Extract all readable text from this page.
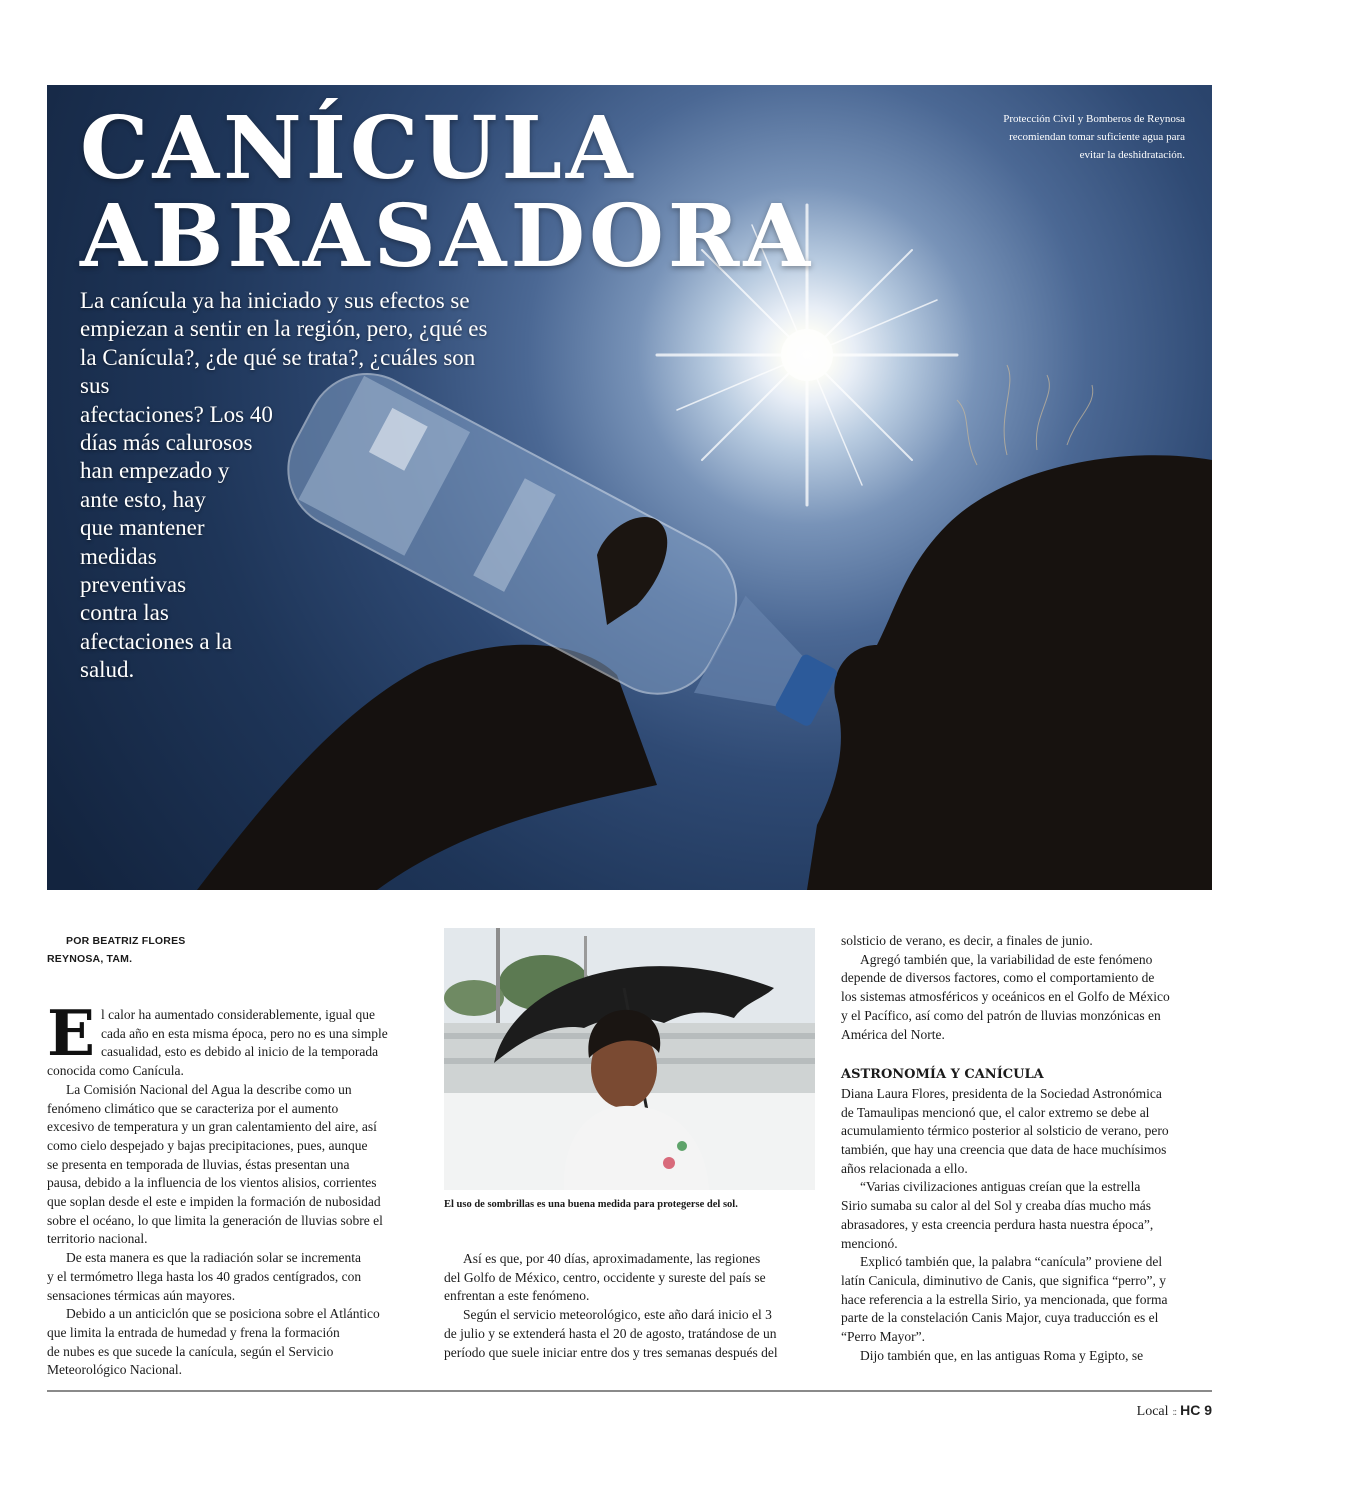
CANÍCULA
ABRASADORA

La canícula ya ha iniciado y sus efectos se
empiezan a sentir en la región, pero, ¿qué es
la Canícula?, ¿de qué se trata?, ¿cuáles son sus
afectaciones? Los 40
días más calurosos
han empezado y
ante esto, hay
que mantener
medidas
preventivas
contra las
afectaciones a la
salud.

Protección Civil y Bomberos de Reynosa
recomiendan tomar suficiente agua para
evitar la deshidratación.

POR BEATRIZ FLORES
REYNOSA, TAM.

El calor ha aumentado considerablemente, igual que
cada año en esta misma época, pero no es una simple
casualidad, esto es debido al inicio de la temporada
conocida como Canícula.

La Comisión Nacional del Agua la describe como un
fenómeno climático que se caracteriza por el aumento
excesivo de temperatura y un gran calentamiento del aire, así
como cielo despejado y bajas precipitaciones, pues, aunque
se presenta en temporada de lluvias, éstas presentan una
pausa, debido a la influencia de los vientos alisios, corrientes
que soplan desde el este e impiden la formación de nubosidad
sobre el océano, lo que limita la generación de lluvias sobre el
territorio nacional.

De esta manera es que la radiación solar se incrementa
y el termómetro llega hasta los 40 grados centígrados, con
sensaciones térmicas aún mayores.

Debido a un anticiclón que se posiciona sobre el Atlántico
que limita la entrada de humedad y frena la formación
de nubes es que sucede la canícula, según el Servicio
Meteorológico Nacional.

El uso de sombrillas es una buena medida para protegerse del sol.

Así es que, por 40 días, aproximadamente, las regiones
del Golfo de México, centro, occidente y sureste del país se
enfrentan a este fenómeno.

Según el servicio meteorológico, este año dará inicio el 3
de julio y se extenderá hasta el 20 de agosto, tratándose de un
período que suele iniciar entre dos y tres semanas después del

solsticio de verano, es decir, a finales de junio.

Agregó también que, la variabilidad de este fenómeno
depende de diversos factores, como el comportamiento de
los sistemas atmosféricos y oceánicos en el Golfo de México
y el Pacífico, así como del patrón de lluvias monzónicas en
América del Norte.

ASTRONOMÍA Y CANÍCULA

Diana Laura Flores, presidenta de la Sociedad Astronómica
de Tamaulipas mencionó que, el calor extremo se debe al
acumulamiento térmico posterior al solsticio de verano, pero
también, que hay una creencia que data de hace muchísimos
años relacionada a ello.

“Varias civilizaciones antiguas creían que la estrella
Sirio sumaba su calor al del Sol y creaba días mucho más
abrasadores, y esta creencia perdura hasta nuestra época”,
mencionó.

Explicó también que, la palabra “canícula” proviene del
latín Canicula, diminutivo de Canis, que significa “perro”, y
hace referencia a la estrella Sirio, ya mencionada, que forma
parte de la constelación Canis Major, cuya traducción es el
“Perro Mayor”.

Dijo también que, en las antiguas Roma y Egipto, se

Local :: HC 9
